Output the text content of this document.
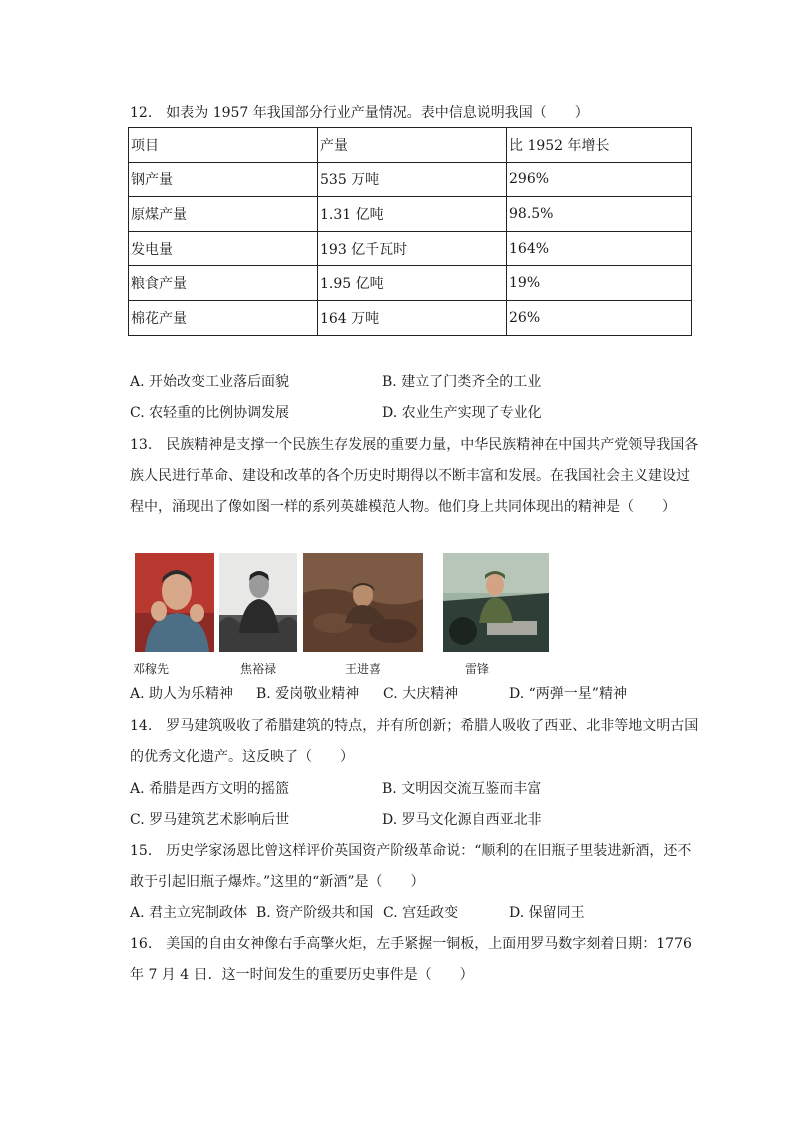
12.　如表为 1957 年我国部分行业产量情况。表中信息说明我国（　　）
项目	产量	比 1952 年增长
钢产量	535 万吨	296%
原煤产量	1.31 亿吨	98.5%
发电量	193 亿千瓦时	164%
粮食产量	1.95 亿吨	19%
棉花产量	164 万吨	26%
A. 开始改变工业落后面貌	B. 建立了门类齐全的工业
C. 农轻重的比例协调发展	D. 农业生产实现了专业化
13.　民族精神是支撑一个民族生存发展的重要力量，中华民族精神在中国共产党领导我国各
族人民进行革命、建设和改革的各个历史时期得以不断丰富和发展。在我国社会主义建设过
程中，涌现出了像如图一样的系列英雄模范人物。他们身上共同体现出的精神是（　　）
邓稼先	焦裕禄	王进喜	雷锋
A. 助人为乐精神 B. 爱岗敬业精神 C. 大庆精神	D. “两弹一星”精神
14.　罗马建筑吸收了希腊建筑的特点，并有所创新；希腊人吸收了西亚、北非等地文明古国
的优秀文化遗产。这反映了（　　）
A. 希腊是西方文明的摇篮	B. 文明因交流互鉴而丰富
C. 罗马建筑艺术影响后世	D. 罗马文化源自西亚北非
15.　历史学家汤恩比曾这样评价英国资产阶级革命说：“顺利的在旧瓶子里装进新酒，还不
敢于引起旧瓶子爆炸。”这里的“新酒”是（　　）
A. 君主立宪制政体 B. 资产阶级共和国 C. 宫廷政变	D. 保留同王
16.　美国的自由女神像右手高擎火炬，左手紧握一铜板，上面用罗马数字刻着日期：1776
年 7 月 4 日．这一时间发生的重要历史事件是（　　）
